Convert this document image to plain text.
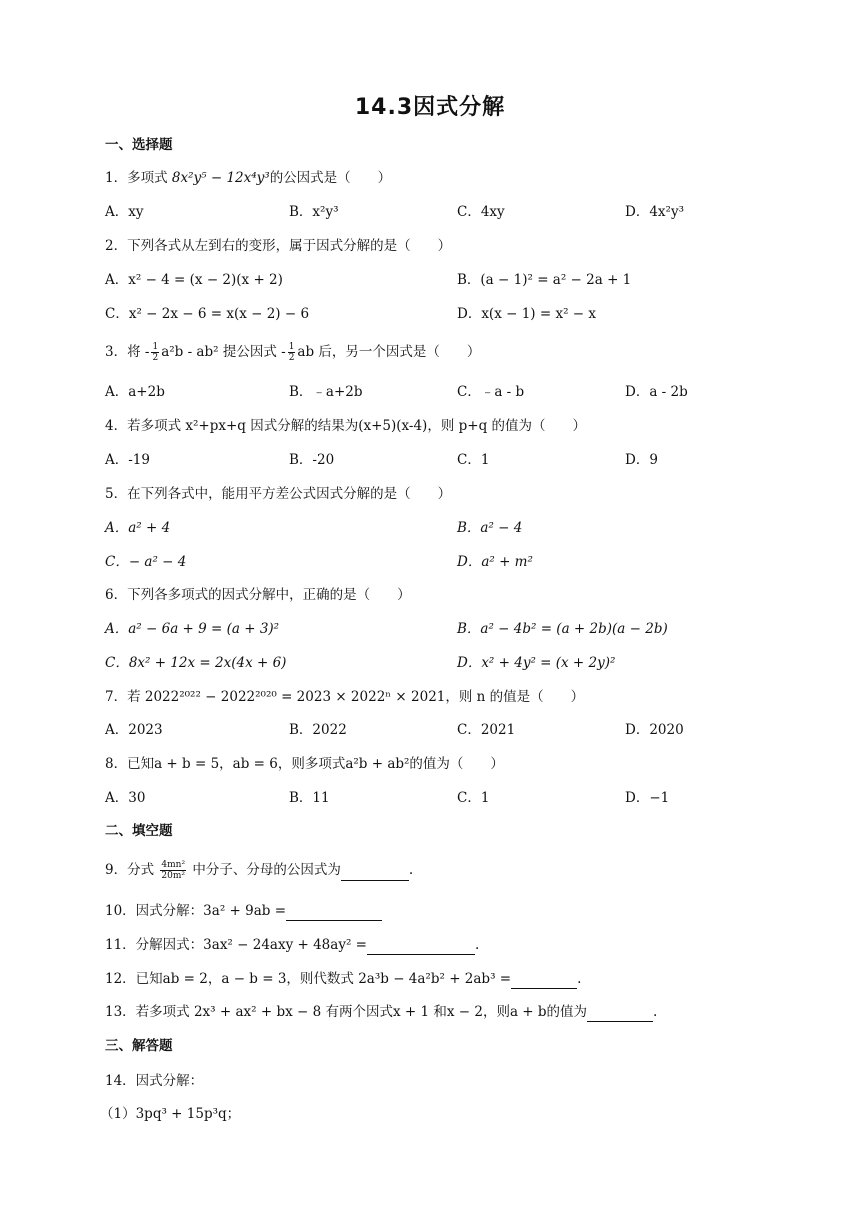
14.3因式分解
一、选择题
1．多项式 8x²y⁵ − 12x⁴y³的公因式是（　　）
A．xy	B．x²y³	C．4xy	D．4x²y³
2．下列各式从左到右的变形，属于因式分解的是（　　）
A．x² − 4 = (x − 2)(x + 2)	B．(a − 1)² = a² − 2a + 1
C．x² − 2x − 6 = x(x − 2) − 6	D．x(x − 1) = x² − x
3．将 - $\frac{1}{2} a^2b - ab^2$ 提公因式 - $\frac{1}{2}$ ab 后，另一个因式是（　　）
A．a+2b	B．﹣a+2b	C．﹣a - b	D．a - 2b
4．若多项式 x²+px+q 因式分解的结果为(x+5)(x-4)，则 p+q 的值为（　　）
A．-19	B．-20	C．1	D．9
5．在下列各式中，能用平方差公式因式分解的是（　　）
A．a² + 4	B．a² − 4
C．− a² − 4	D．a² + m²
6．下列各多项式的因式分解中，正确的是（　　）
A．a² − 6a + 9 = (a + 3)²	B．a² − 4b² = (a + 2b)(a − 2b)
C．8x² + 12x = 2x(4x + 6)	D．x² + 4y² = (x + 2y)²
7．若 2022²⁰²² − 2022²⁰²⁰ = 2023 × 2022ⁿ × 2021，则 n 的值是（　　）
A．2023	B．2022	C．2021	D．2020
8．已知a + b = 5，ab = 6，则多项式a²b + ab²的值为（　　）
A．30	B．11	C．1	D．−1
二、填空题
9．分式 $\frac{\text{4mn²}}{\text{20m²}}$ 中分子、分母的公因式为	.
10．因式分解：3a² + 9ab =
11．分解因式：3ax² − 24axy + 48ay² =	.
12．已知ab = 2，a − b = 3，则代数式 2a³b − 4a²b² + 2ab³ =	.
13．若多项式 2x³ + ax² + bx − 8 有两个因式x + 1 和x − 2，则a + b的值为	.
三、解答题
14．因式分解：
（1）3pq³ + 15p³q；
